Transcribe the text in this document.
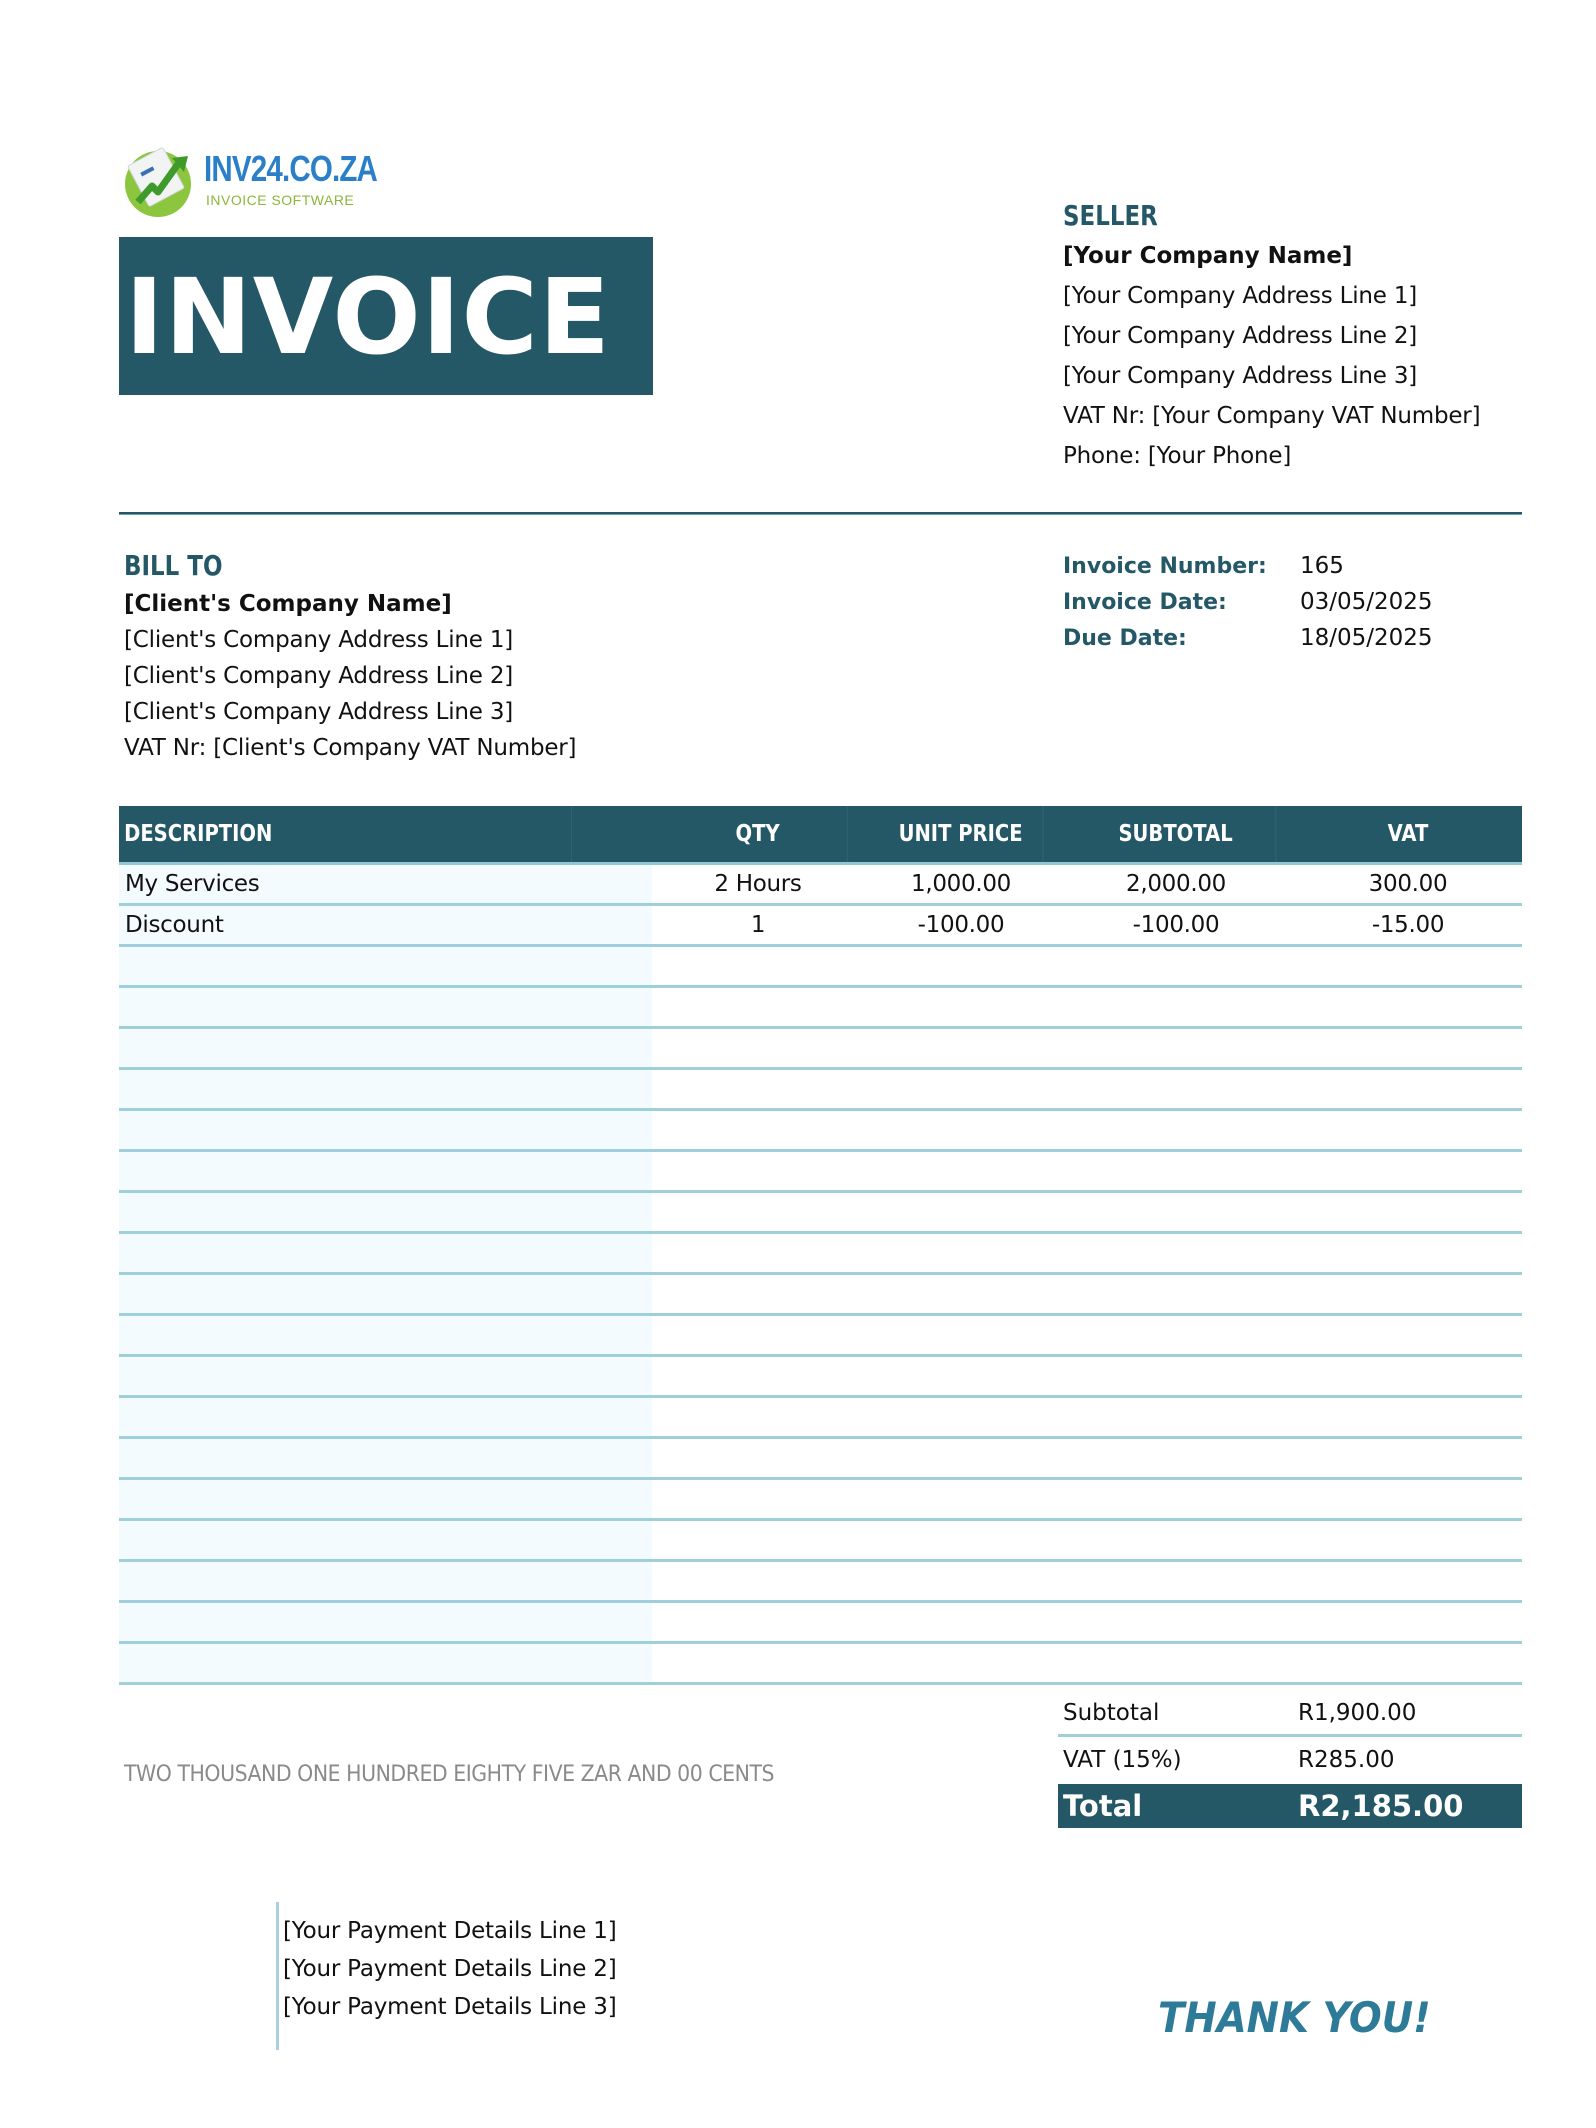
INV24.CO.ZA
INVOICE SOFTWARE
INVOICE
SELLER
[Your Company Name]
[Your Company Address Line 1]
[Your Company Address Line 2]
[Your Company Address Line 3]
VAT Nr: [Your Company VAT Number]
Phone: [Your Phone]
BILL TO
[Client's Company Name]
[Client's Company Address Line 1]
[Client's Company Address Line 2]
[Client's Company Address Line 3]
VAT Nr: [Client's Company VAT Number]
Invoice Number:	165
Invoice Date:	03/05/2025
Due Date:	18/05/2025
DESCRIPTION	QTY	UNIT PRICE	SUBTOTAL	VAT
My Services	2 Hours	1,000.00	2,000.00	300.00
Discount	1	-100.00	-100.00	-15.00
Subtotal	R1,900.00
VAT (15%)	R285.00
Total	R2,185.00
TWO THOUSAND ONE HUNDRED EIGHTY FIVE ZAR AND 00 CENTS
[Your Payment Details Line 1]
[Your Payment Details Line 2]
[Your Payment Details Line 3]	THANK YOU!
